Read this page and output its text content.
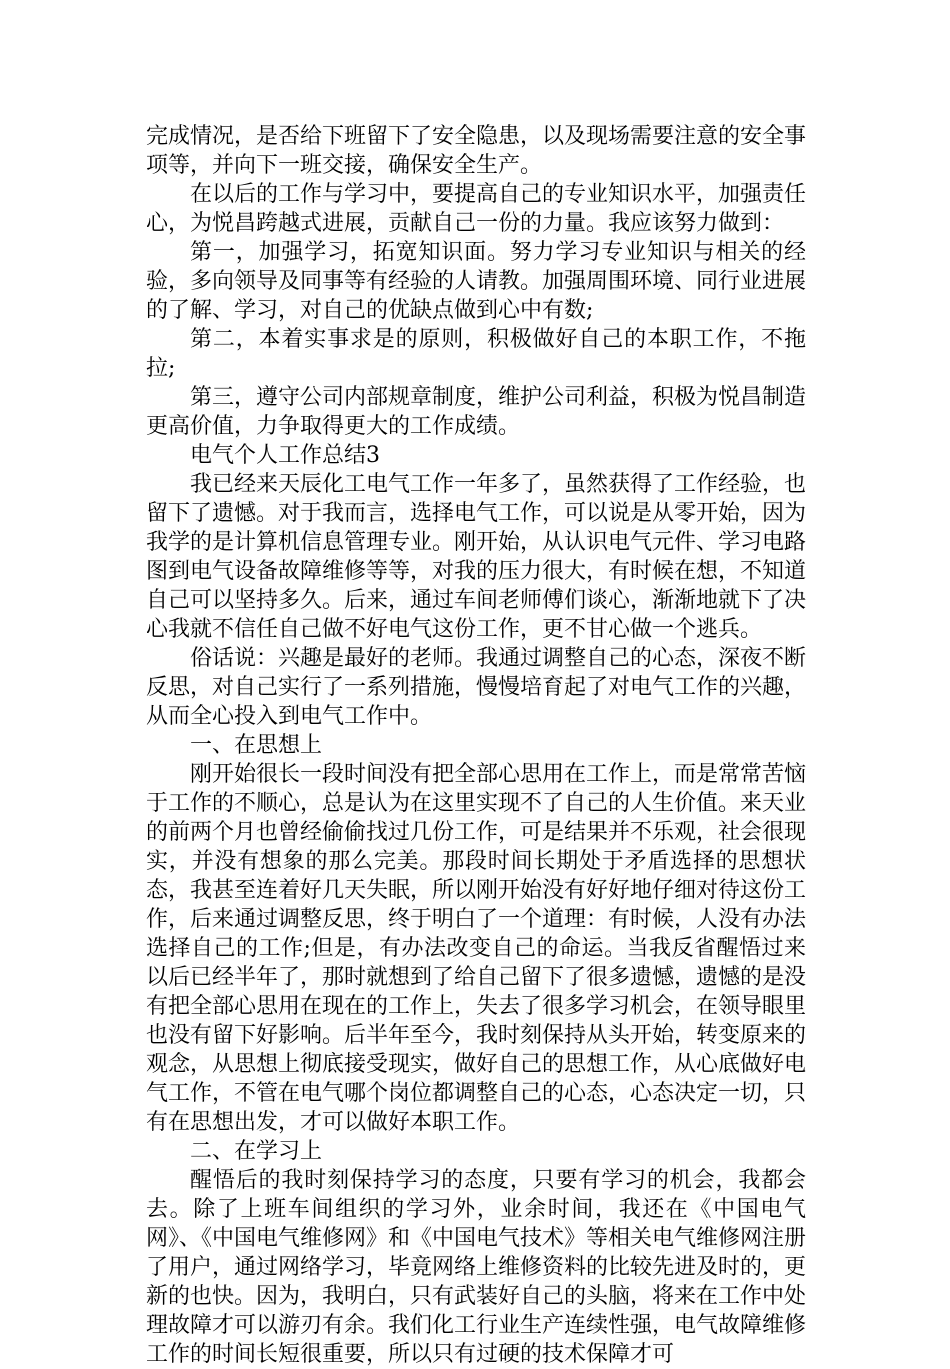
完成情况，是否给下班留下了安全隐患，以及现场需要注意的安全事项等，并向下一班交接，确保安全生产。

在以后的工作与学习中，要提高自己的专业知识水平，加强责任心，为悦昌跨越式进展，贡献自己一份的力量。我应该努力做到：

第一，加强学习，拓宽知识面。努力学习专业知识与相关的经验，多向领导及同事等有经验的人请教。加强周围环境、同行业进展的了解、学习，对自己的优缺点做到心中有数;

第二，本着实事求是的原则，积极做好自己的本职工作，不拖拉;

第三，遵守公司内部规章制度，维护公司利益，积极为悦昌制造更高价值，力争取得更大的工作成绩。

电气个人工作总结3

我已经来天辰化工电气工作一年多了，虽然获得了工作经验，也留下了遗憾。对于我而言，选择电气工作，可以说是从零开始，因为我学的是计算机信息管理专业。刚开始，从认识电气元件、学习电路图到电气设备故障维修等等，对我的压力很大，有时候在想，不知道自己可以坚持多久。后来，通过车间老师傅们谈心，渐渐地就下了决心我就不信任自己做不好电气这份工作，更不甘心做一个逃兵。

俗话说：兴趣是最好的老师。我通过调整自己的心态，深夜不断反思，对自己实行了一系列措施，慢慢培育起了对电气工作的兴趣，从而全心投入到电气工作中。

一、在思想上

刚开始很长一段时间没有把全部心思用在工作上，而是常常苦恼于工作的不顺心，总是认为在这里实现不了自己的人生价值。来天业的前两个月也曾经偷偷找过几份工作，可是结果并不乐观，社会很现实，并没有想象的那么完美。那段时间长期处于矛盾选择的思想状态，我甚至连着好几天失眠，所以刚开始没有好好地仔细对待这份工作，后来通过调整反思，终于明白了一个道理：有时候，人没有办法选择自己的工作;但是，有办法改变自己的命运。当我反省醒悟过来以后已经半年了，那时就想到了给自己留下了很多遗憾，遗憾的是没有把全部心思用在现在的工作上，失去了很多学习机会，在领导眼里也没有留下好影响。后半年至今，我时刻保持从头开始，转变原来的观念，从思想上彻底接受现实，做好自己的思想工作，从心底做好电气工作，不管在电气哪个岗位都调整自己的心态，心态决定一切，只有在思想出发，才可以做好本职工作。

二、在学习上

醒悟后的我时刻保持学习的态度，只要有学习的机会，我都会去。除了上班车间组织的学习外，业余时间，我还在《中国电气网》、《中国电气维修网》和《中国电气技术》等相关电气维修网注册了用户，通过网络学习，毕竟网络上维修资料的比较先进及时的，更新的也快。因为，我明白，只有武装好自己的头脑，将来在工作中处理故障才可以游刃有余。我们化工行业生产连续性强，电气故障维修工作的时间长短很重要，所以只有过硬的技术保障才可
